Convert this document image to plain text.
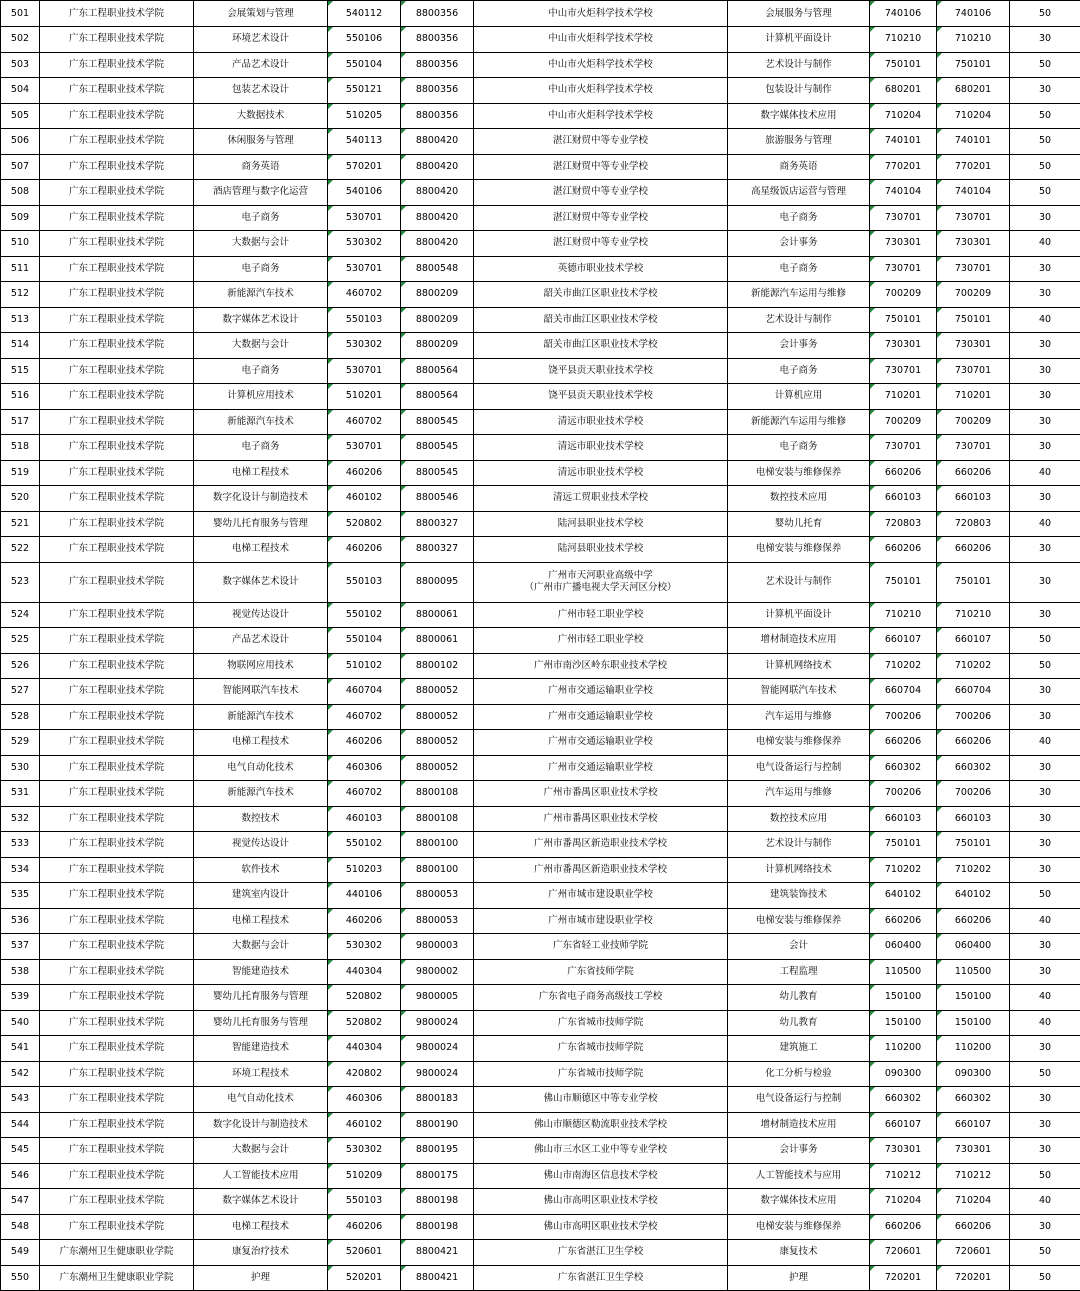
501	广东工程职业技术学院	会展策划与管理	540112	8800356	中山市火炬科学技术学校	会展服务与管理	740106	740106	50
502	广东工程职业技术学院	环境艺术设计	550106	8800356	中山市火炬科学技术学校	计算机平面设计	710210	710210	30
503	广东工程职业技术学院	产品艺术设计	550104	8800356	中山市火炬科学技术学校	艺术设计与制作	750101	750101	50
504	广东工程职业技术学院	包装艺术设计	550121	8800356	中山市火炬科学技术学校	包装设计与制作	680201	680201	30
505	广东工程职业技术学院	大数据技术	510205	8800356	中山市火炬科学技术学校	数字媒体技术应用	710204	710204	50
506	广东工程职业技术学院	休闲服务与管理	540113	8800420	湛江财贸中等专业学校	旅游服务与管理	740101	740101	50
507	广东工程职业技术学院	商务英语	570201	8800420	湛江财贸中等专业学校	商务英语	770201	770201	50
508	广东工程职业技术学院	酒店管理与数字化运营	540106	8800420	湛江财贸中等专业学校	高星级饭店运营与管理	740104	740104	50
509	广东工程职业技术学院	电子商务	530701	8800420	湛江财贸中等专业学校	电子商务	730701	730701	30
510	广东工程职业技术学院	大数据与会计	530302	8800420	湛江财贸中等专业学校	会计事务	730301	730301	40
511	广东工程职业技术学院	电子商务	530701	8800548	英德市职业技术学校	电子商务	730701	730701	30
512	广东工程职业技术学院	新能源汽车技术	460702	8800209	韶关市曲江区职业技术学校	新能源汽车运用与维修	700209	700209	30
513	广东工程职业技术学院	数字媒体艺术设计	550103	8800209	韶关市曲江区职业技术学校	艺术设计与制作	750101	750101	40
514	广东工程职业技术学院	大数据与会计	530302	8800209	韶关市曲江区职业技术学校	会计事务	730301	730301	30
515	广东工程职业技术学院	电子商务	530701	8800564	饶平县贡天职业技术学校	电子商务	730701	730701	30
516	广东工程职业技术学院	计算机应用技术	510201	8800564	饶平县贡天职业技术学校	计算机应用	710201	710201	30
517	广东工程职业技术学院	新能源汽车技术	460702	8800545	清远市职业技术学校	新能源汽车运用与维修	700209	700209	30
518	广东工程职业技术学院	电子商务	530701	8800545	清远市职业技术学校	电子商务	730701	730701	30
519	广东工程职业技术学院	电梯工程技术	460206	8800545	清远市职业技术学校	电梯安装与维修保养	660206	660206	40
520	广东工程职业技术学院	数字化设计与制造技术	460102	8800546	清远工贸职业技术学校	数控技术应用	660103	660103	30
521	广东工程职业技术学院	婴幼儿托育服务与管理	520802	8800327	陆河县职业技术学校	婴幼儿托育	720803	720803	40
522	广东工程职业技术学院	电梯工程技术	460206	8800327	陆河县职业技术学校	电梯安装与维修保养	660206	660206	30
523	广东工程职业技术学院	数字媒体艺术设计	550103	8800095	广州市天河职业高级中学
（广州市广播电视大学天河区分校）	艺术设计与制作	750101	750101	30
524	广东工程职业技术学院	视觉传达设计	550102	8800061	广州市轻工职业学校	计算机平面设计	710210	710210	30
525	广东工程职业技术学院	产品艺术设计	550104	8800061	广州市轻工职业学校	增材制造技术应用	660107	660107	50
526	广东工程职业技术学院	物联网应用技术	510102	8800102	广州市南沙区岭东职业技术学校	计算机网络技术	710202	710202	50
527	广东工程职业技术学院	智能网联汽车技术	460704	8800052	广州市交通运输职业学校	智能网联汽车技术	660704	660704	30
528	广东工程职业技术学院	新能源汽车技术	460702	8800052	广州市交通运输职业学校	汽车运用与维修	700206	700206	30
529	广东工程职业技术学院	电梯工程技术	460206	8800052	广州市交通运输职业学校	电梯安装与维修保养	660206	660206	40
530	广东工程职业技术学院	电气自动化技术	460306	8800052	广州市交通运输职业学校	电气设备运行与控制	660302	660302	30
531	广东工程职业技术学院	新能源汽车技术	460702	8800108	广州市番禺区职业技术学校	汽车运用与维修	700206	700206	30
532	广东工程职业技术学院	数控技术	460103	8800108	广州市番禺区职业技术学校	数控技术应用	660103	660103	30
533	广东工程职业技术学院	视觉传达设计	550102	8800100	广州市番禺区新造职业技术学校	艺术设计与制作	750101	750101	30
534	广东工程职业技术学院	软件技术	510203	8800100	广州市番禺区新造职业技术学校	计算机网络技术	710202	710202	30
535	广东工程职业技术学院	建筑室内设计	440106	8800053	广州市城市建设职业学校	建筑装饰技术	640102	640102	50
536	广东工程职业技术学院	电梯工程技术	460206	8800053	广州市城市建设职业学校	电梯安装与维修保养	660206	660206	40
537	广东工程职业技术学院	大数据与会计	530302	9800003	广东省轻工业技师学院	会计	060400	060400	30
538	广东工程职业技术学院	智能建造技术	440304	9800002	广东省技师学院	工程监理	110500	110500	30
539	广东工程职业技术学院	婴幼儿托育服务与管理	520802	9800005	广东省电子商务高级技工学校	幼儿教育	150100	150100	40
540	广东工程职业技术学院	婴幼儿托育服务与管理	520802	9800024	广东省城市技师学院	幼儿教育	150100	150100	40
541	广东工程职业技术学院	智能建造技术	440304	9800024	广东省城市技师学院	建筑施工	110200	110200	30
542	广东工程职业技术学院	环境工程技术	420802	9800024	广东省城市技师学院	化工分析与检验	090300	090300	50
543	广东工程职业技术学院	电气自动化技术	460306	8800183	佛山市顺德区中等专业学校	电气设备运行与控制	660302	660302	30
544	广东工程职业技术学院	数字化设计与制造技术	460102	8800190	佛山市顺德区勒流职业技术学校	增材制造技术应用	660107	660107	30
545	广东工程职业技术学院	大数据与会计	530302	8800195	佛山市三水区工业中等专业学校	会计事务	730301	730301	30
546	广东工程职业技术学院	人工智能技术应用	510209	8800175	佛山市南海区信息技术学校	人工智能技术与应用	710212	710212	50
547	广东工程职业技术学院	数字媒体艺术设计	550103	8800198	佛山市高明区职业技术学校	数字媒体技术应用	710204	710204	40
548	广东工程职业技术学院	电梯工程技术	460206	8800198	佛山市高明区职业技术学校	电梯安装与维修保养	660206	660206	30
549	广东潮州卫生健康职业学院	康复治疗技术	520601	8800421	广东省湛江卫生学校	康复技术	720601	720601	50
550	广东潮州卫生健康职业学院	护理	520201	8800421	广东省湛江卫生学校	护理	720201	720201	50
